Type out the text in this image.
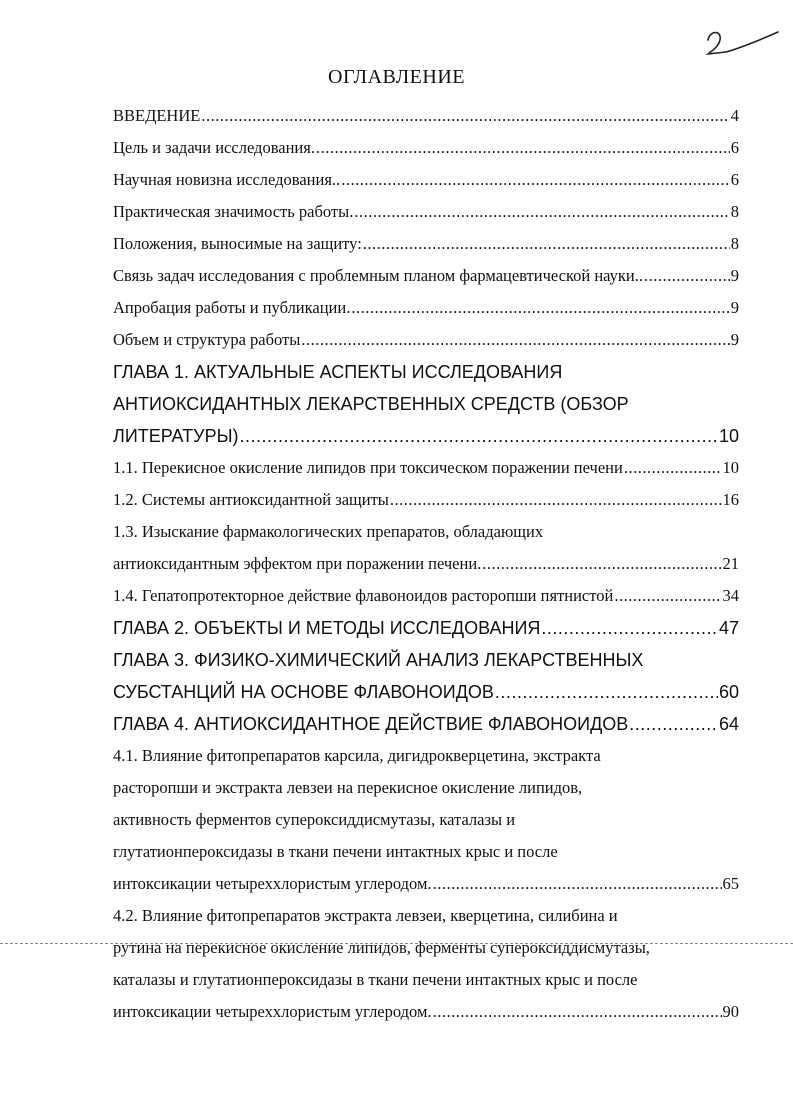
ОГЛАВЛЕНИЕ
ВВЕДЕНИЕ .....	4
Цель и задачи исследования. .....	6
Научная новизна исследования.. .....	6
Практическая значимость работы. .....	8
Положения, выносимые на защиту: .....	8
Связь задач исследования с проблемным планом фармацевтической науки.. .....	9
Апробация работы и публикации. .....	9
Объем и структура работы .....	9
ГЛАВА 1. АКТУАЛЬНЫЕ АСПЕКТЫ ИССЛЕДОВАНИЯ
АНТИОКСИДАНТНЫХ ЛЕКАРСТВЕННЫХ СРЕДСТВ (ОБЗОР
ЛИТЕРАТУРЫ) .....	10
1.1. Перекисное окисление липидов при токсическом поражении печени .....	10
1.2. Системы антиоксидантной защиты .....	16
1.3. Изыскание фармакологических препаратов, обладающих
антиоксидантным эффектом при поражении печени. .....	21
1.4. Гепатопротекторное действие флавоноидов расторопши пятнистой .....	34
ГЛАВА 2. ОБЪЕКТЫ И МЕТОДЫ ИССЛЕДОВАНИЯ .....	47
ГЛАВА 3. ФИЗИКО-ХИМИЧЕСКИЙ АНАЛИЗ ЛЕКАРСТВЕННЫХ
СУБСТАНЦИЙ НА ОСНОВЕ ФЛАВОНОИДОВ .....	60
ГЛАВА 4. АНТИОКСИДАНТНОЕ ДЕЙСТВИЕ ФЛАВОНОИДОВ .....	64
4.1. Влияние фитопрепаратов карсила, дигидрокверцетина, экстракта
расторопши и экстракта левзеи на перекисное окисление липидов,
активность ферментов супероксиддисмутазы, каталазы и
глутатионпероксидазы в ткани печени интактных крыс и после
интоксикации четыреххлористым углеродом. .....	65
4.2. Влияние фитопрепаратов экстракта левзеи, кверцетина, силибина и
рутина на перекисное окисление липидов, ферменты супероксиддисмутазы,
каталазы и глутатионпероксидазы в ткани печени интактных крыс и после
интоксикации четыреххлористым углеродом. .....	90
